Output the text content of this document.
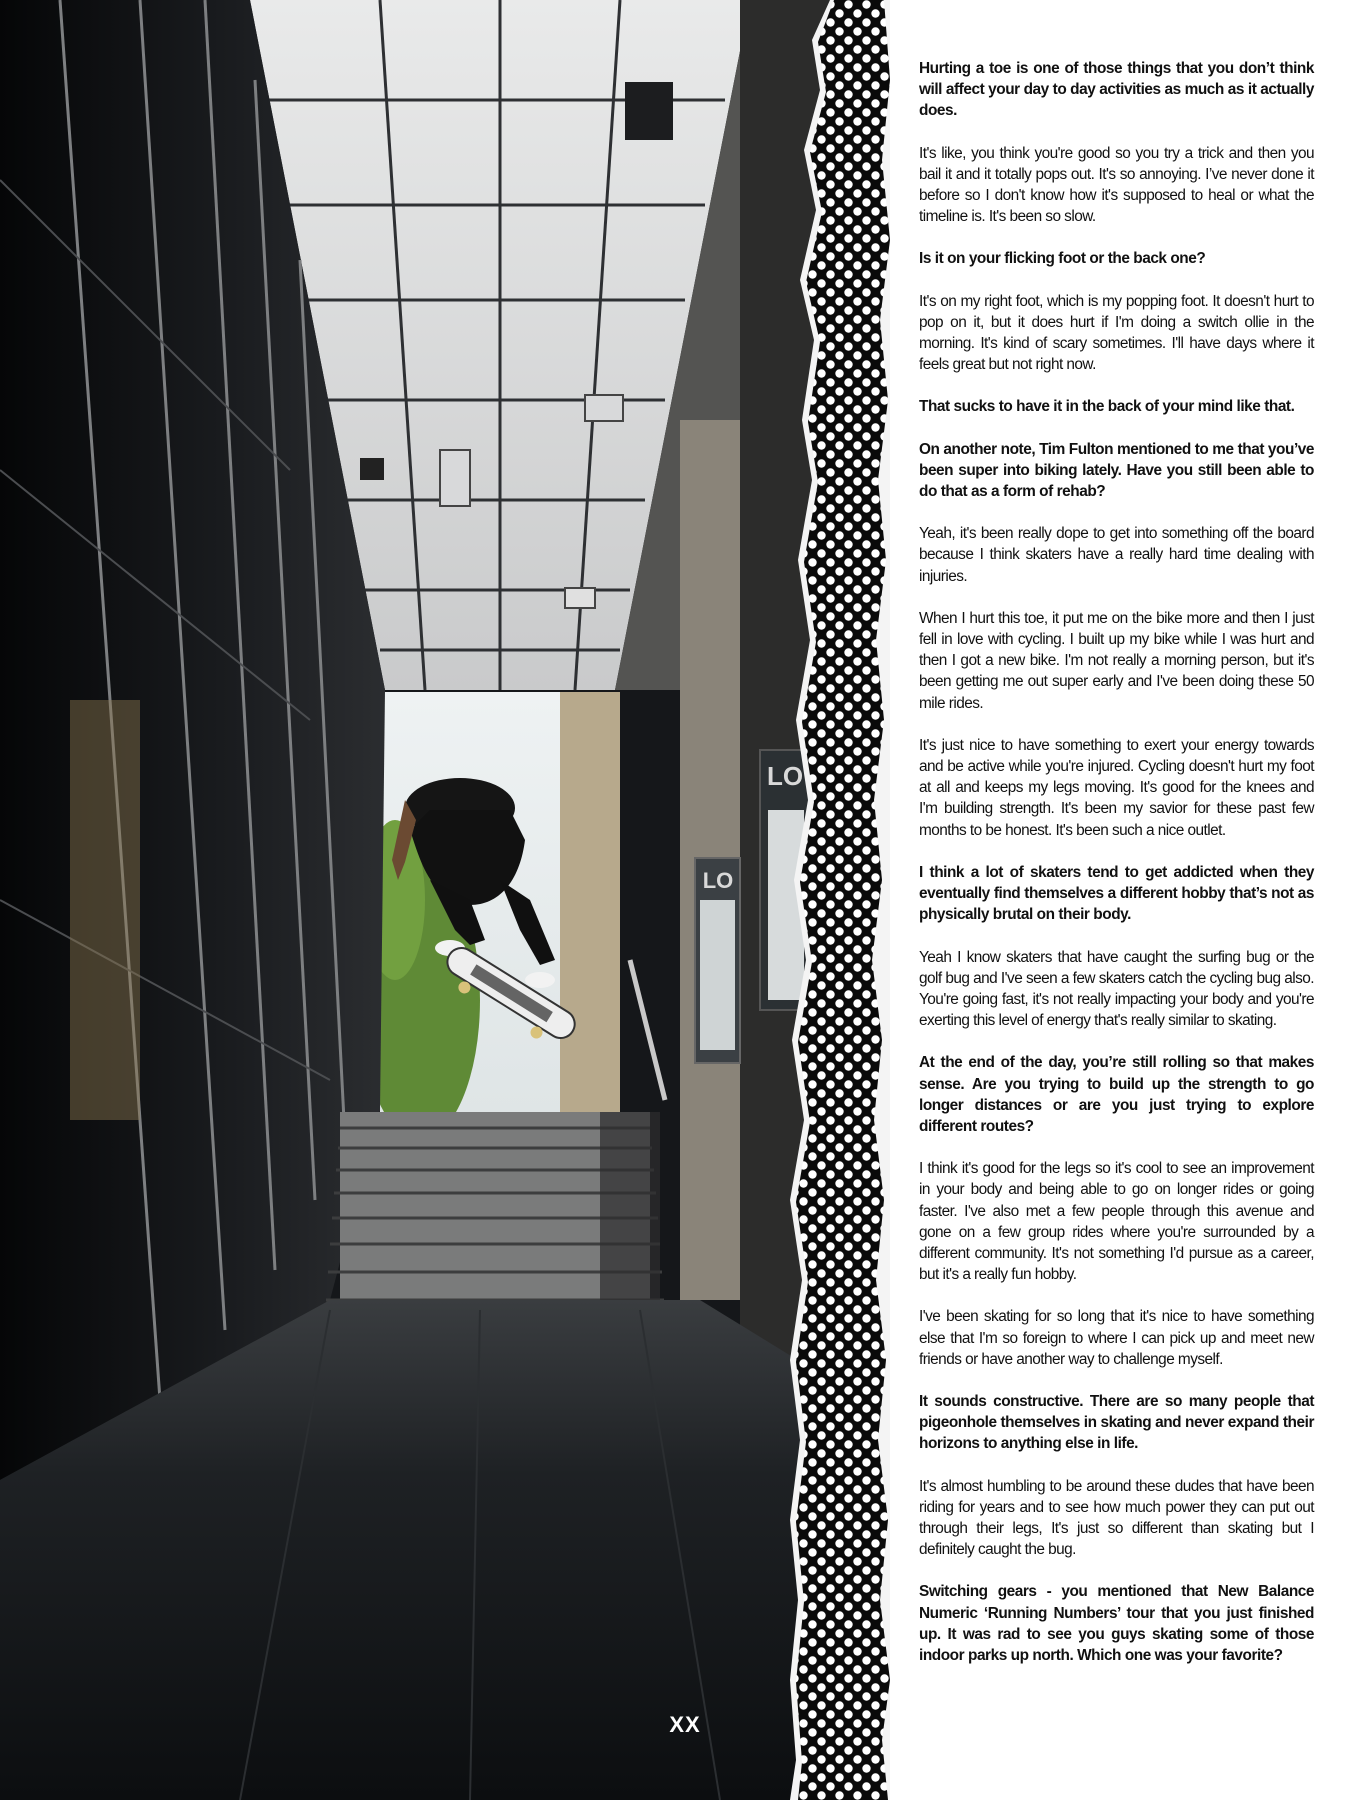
LO
LO
XX

Hurting a toe is one of those things that you don’t think will affect your day to day activities as much as it actually does.

It's like, you think you're good so you try a trick and then you bail it and it totally pops out. It's so annoying. I’ve never done it before so I don't know how it's supposed to heal or what the timeline is. It's been so slow.

Is it on your flicking foot or the back one?

It's on my right foot, which is my popping foot. It doesn't hurt to pop on it, but it does hurt if I'm doing a switch ollie in the morning. It's kind of scary sometimes. I'll have days where it feels great but not right now.

That sucks to have it in the back of your mind like that.

On another note, Tim Fulton mentioned to me that you’ve been super into biking lately. Have you still been able to do that as a form of rehab?

Yeah, it's been really dope to get into something off the board because I think skaters have a really hard time dealing with injuries.

When I hurt this toe, it put me on the bike more and then I just fell in love with cycling. I built up my bike while I was hurt and then I got a new bike. I'm not really a morning person, but it's been getting me out super early and I've been doing these 50 mile rides.

It's just nice to have something to exert your energy towards and be active while you're injured. Cycling doesn't hurt my foot at all and keeps my legs moving. It's good for the knees and I'm building strength. It's been my savior for these past few months to be honest. It's been such a nice outlet.

I think a lot of skaters tend to get addicted when they eventually find themselves a different hobby that’s not as physically brutal on their body.

Yeah I know skaters that have caught the surfing bug or the golf bug and I've seen a few skaters catch the cycling bug also. You're going fast, it's not really impacting your body and you're exerting this level of energy that's really similar to skating.

At the end of the day, you’re still rolling so that makes sense. Are you trying to build up the strength to go longer distances or are you just trying to explore different routes?

I think it's good for the legs so it's cool to see an improvement in your body and being able to go on longer rides or going faster. I've also met a few people through this avenue and gone on a few group rides where you're surrounded by a different community. It's not something I'd pursue as a career, but it's a really fun hobby.

I've been skating for so long that it's nice to have something else that I'm so foreign to where I can pick up and meet new friends or have another way to challenge myself.

It sounds constructive. There are so many people that pigeonhole themselves in skating and never expand their horizons to anything else in life.

It's almost humbling to be around these dudes that have been riding for years and to see how much power they can put out through their legs, It's just so different than skating but I definitely caught the bug.

Switching gears - you mentioned that New Balance Numeric ‘Running Numbers’ tour that you just finished up. It was rad to see you guys skating some of those indoor parks up north. Which one was your favorite?
